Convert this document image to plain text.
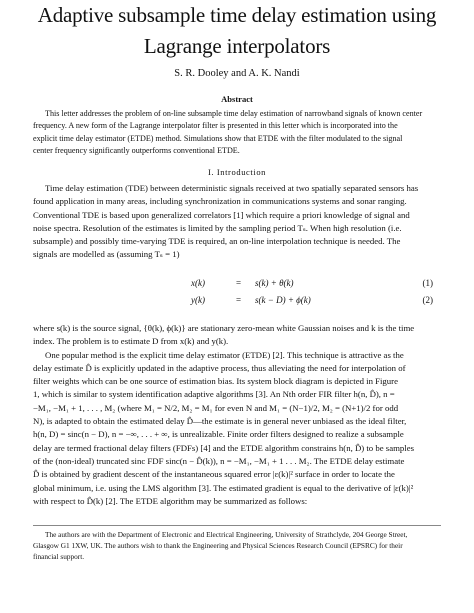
Adaptive subsample time delay estimation using
Lagrange interpolators
S. R. Dooley and A. K. Nandi
Abstract
This letter addresses the problem of on-line subsample time delay estimation of narrowband signals of known center
frequency. A new form of the Lagrange interpolator filter is presented in this letter which is incorporated into the
explicit time delay estimator (ETDE) method. Simulations show that ETDE with the filter modulated to the signal
center frequency significantly outperforms conventional ETDE.
I. Introduction
Time delay estimation (TDE) between deterministic signals received at two spatially separated sensors has
found application in many areas, including synchronization in communications systems and sonar ranging.
Conventional TDE is based upon generalized correlators [1] which require a priori knowledge of signal and
noise spectra. Resolution of the estimates is limited by the sampling period Tₛ. When high resolution (i.e.
subsample) and possibly time-varying TDE is required, an on-line interpolation technique is needed. The
signals are modelled as (assuming Tₛ = 1)
x(k)	= s(k) + θ(k)	(1)
y(k)	= s(k − D) + ϕ(k)	(2)
where s(k) is the source signal, {θ(k), ϕ(k)} are stationary zero-mean white Gaussian noises and k is the time
index. The problem is to estimate D from x(k) and y(k).
One popular method is the explicit time delay estimator (ETDE) [2]. This technique is attractive as the
delay estimate D̂ is explicitly updated in the adaptive process, thus alleviating the need for interpolation of
filter weights which can be one source of estimation bias. Its system block diagram is depicted in Figure
1, which is similar to system identification adaptive algorithms [3]. An Nth order FIR filter h(n, D̂), n =
−M₁, −M₁ + 1, . . . , M₂ (where M₁ = N/2, M₂ = M₁ for even N and M₁ = (N−1)/2, M₂ = (N+1)/2 for odd
N), is adapted to obtain the estimated delay D̂—the estimate is in general never unbiased as the ideal filter,
h(n, D) = sinc(n − D), n = −∞, . . . + ∞, is unrealizable. Finite order filters designed to realize a subsample
delay are termed fractional delay filters (FDFs) [4] and the ETDE algorithm constrains h(n, D̂) to be samples
of the (non-ideal) truncated sinc FDF sinc(n − D̂(k)), n = −M₁, −M₁ + 1 . . . M₂. The ETDE delay estimate
D̂ is obtained by gradient descent of the instantaneous squared error |ε(k)|² surface in order to locate the
global minimum, i.e. using the LMS algorithm [3]. The estimated gradient is equal to the derivative of |ε(k)|²
with respect to D̂(k) [2]. The ETDE algorithm may be summarized as follows:
The authors are with the Department of Electronic and Electrical Engineering, University of Strathclyde, 204 George Street,
Glasgow G1 1XW, UK. The authors wish to thank the Engineering and Physical Sciences Research Council (EPSRC) for their
financial support.
